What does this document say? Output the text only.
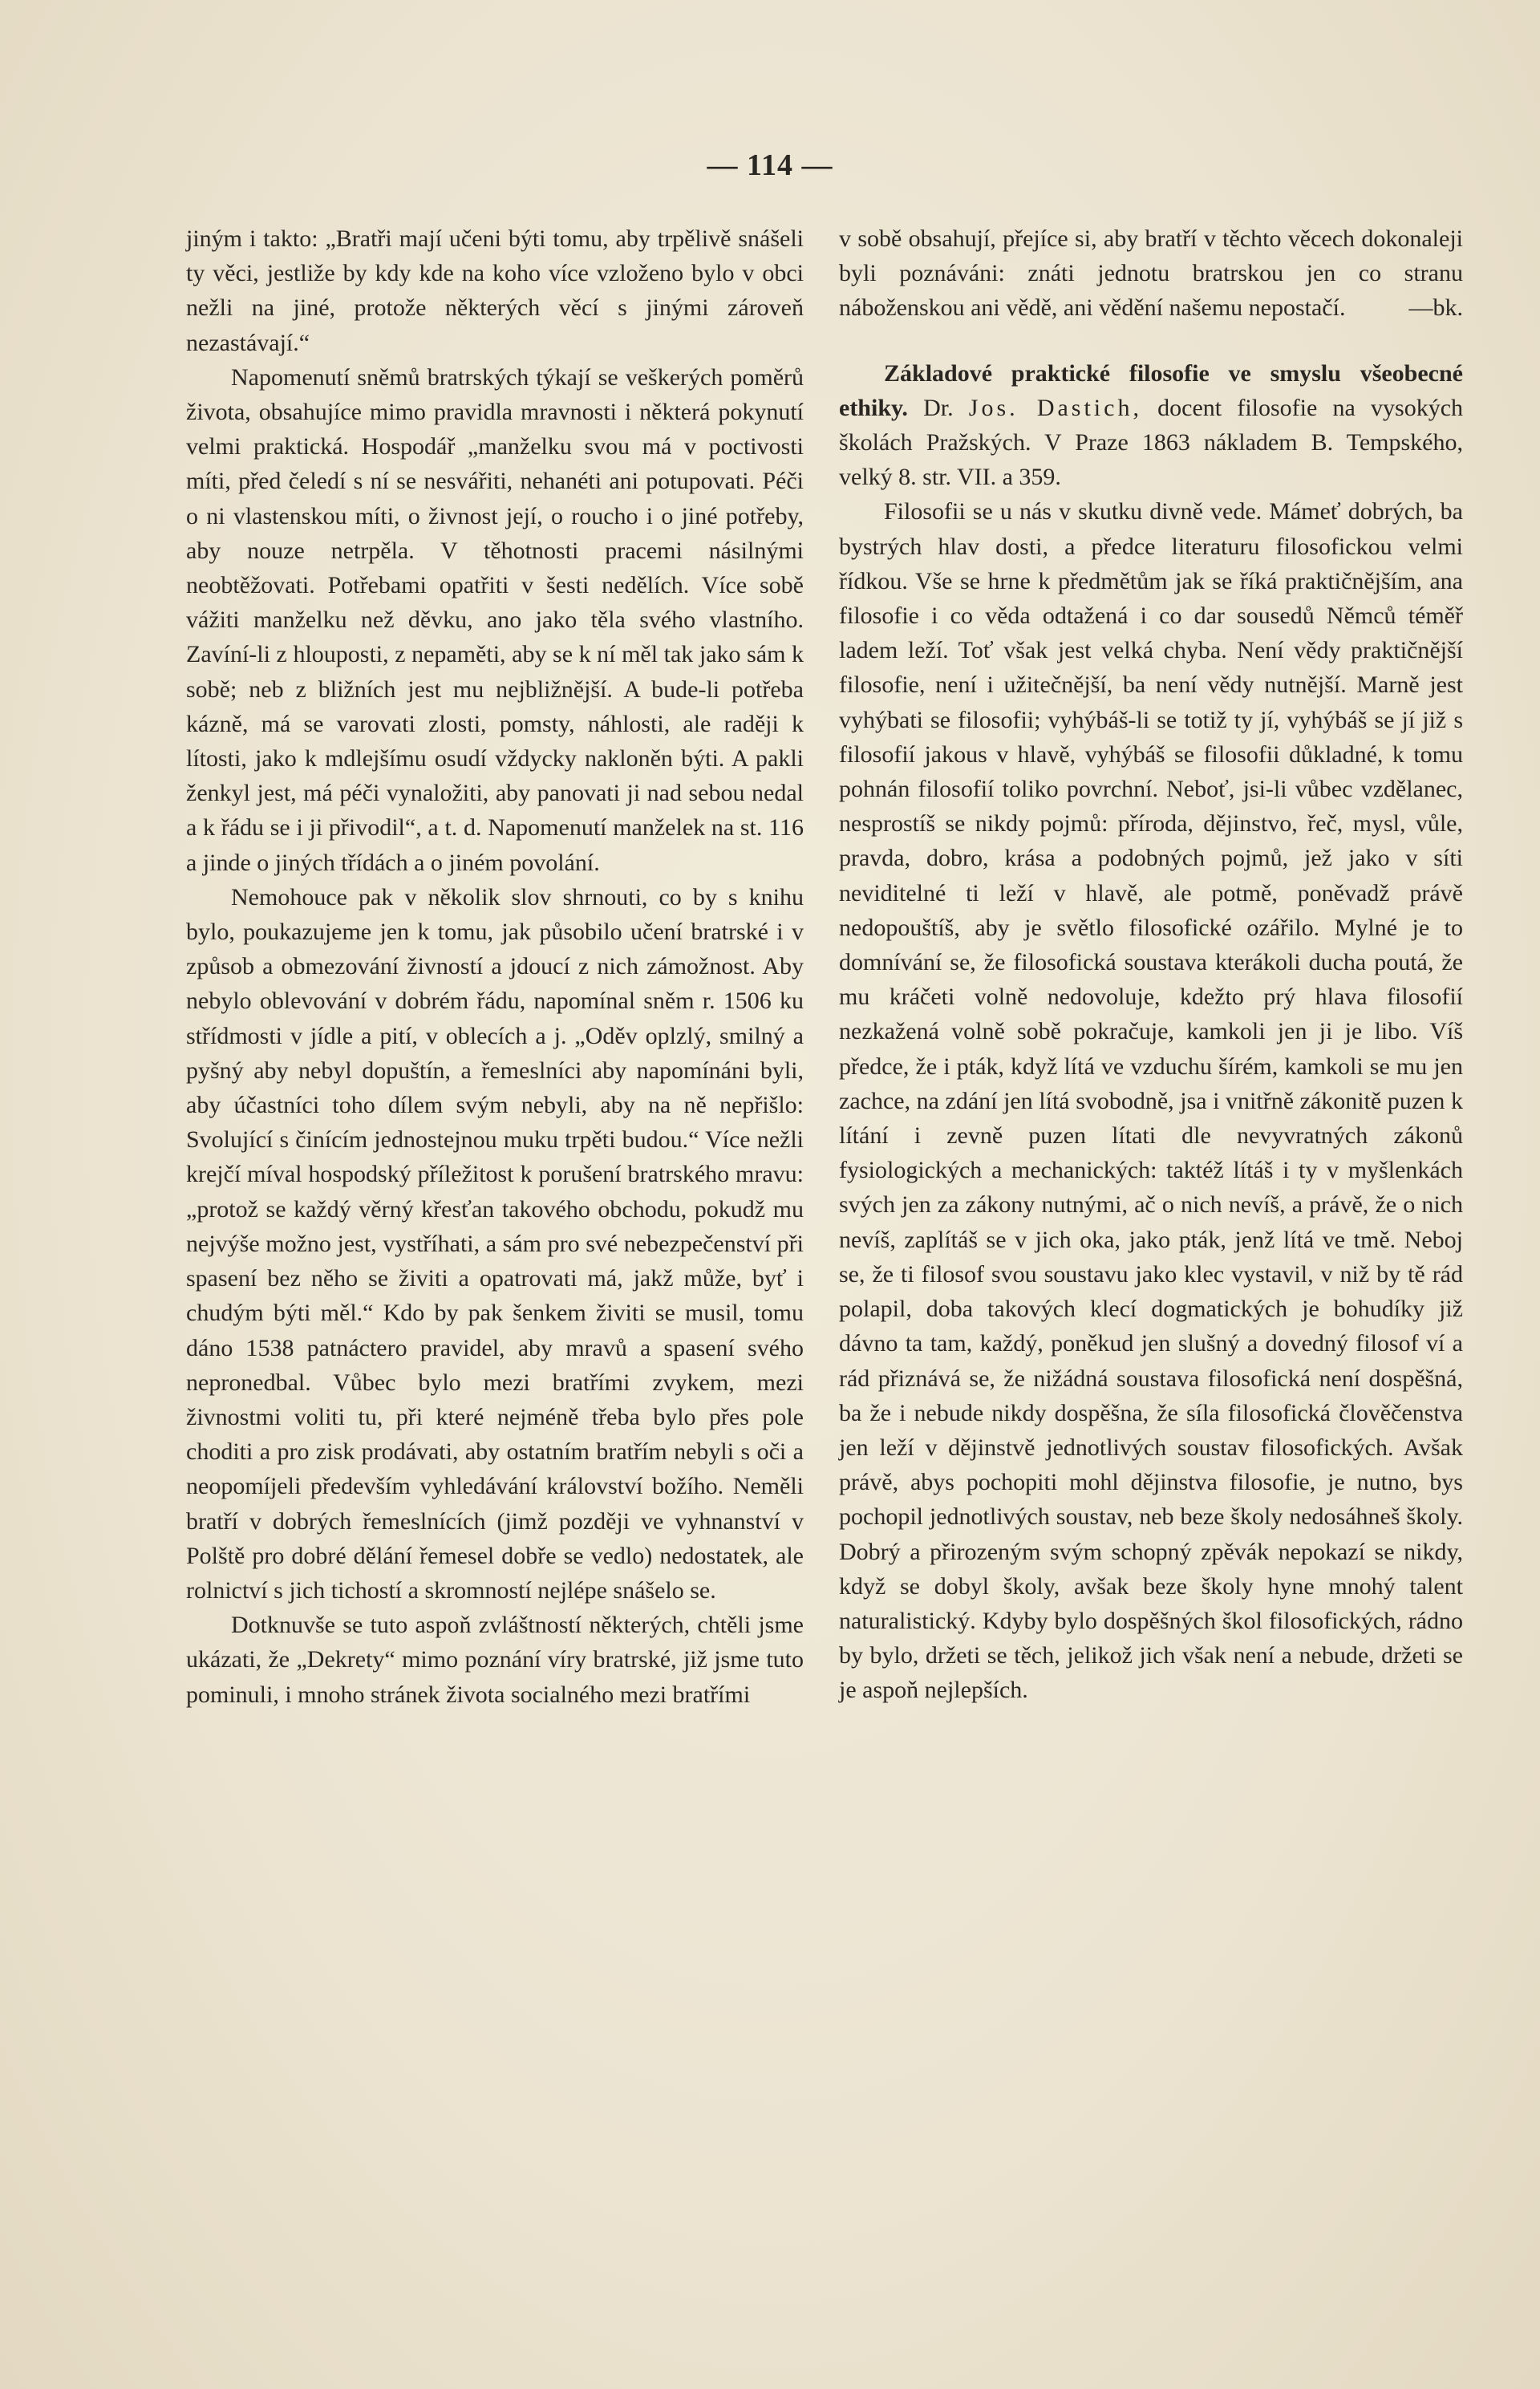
— 114 —

jiným i takto: „Bratři mají učeni býti tomu, aby trpělivě snášeli ty věci, jestliže by kdy kde na koho více vzloženo bylo v obci nežli na jiné, protože některých věcí s jinými zároveň nezastávají.“

Napomenutí sněmů bratrských týkají se veškerých poměrů života, obsahujíce mimo pravidla mravnosti i některá pokynutí velmi praktická. Hospodář „manželku svou má v poctivosti míti, před čeledí s ní se nesvářiti, nehanéti ani potupovati. Péči o ni vlastenskou míti, o živnost její, o roucho i o jiné potřeby, aby nouze netrpěla. V těhotnosti pracemi násilnými neobtěžovati. Potřebami opatřiti v šesti nedělích. Více sobě vážiti manželku než děvku, ano jako těla svého vlastního. Zavíní-li z hlouposti, z nepaměti, aby se k ní měl tak jako sám k sobě; neb z bližních jest mu nejbližnější. A bude-li potřeba kázně, má se varovati zlosti, pomsty, náhlosti, ale raději k lítosti, jako k mdlejšímu osudí vždycky nakloněn býti. A pakli ženkyl jest, má péči vynaložiti, aby panovati ji nad sebou nedal a k řádu se i ji přivodil“, a t. d. Napomenutí manželek na st. 116 a jinde o jiných třídách a o jiném povolání.

Nemohouce pak v několik slov shrnouti, co by s knihu bylo, poukazujeme jen k tomu, jak působilo učení bratrské i v způsob a obmezování živností a jdoucí z nich zámožnost. Aby nebylo oblevování v dobrém řádu, napomínal sněm r. 1506 ku střídmosti v jídle a pití, v oblecích a j. „Oděv oplzlý, smilný a pyšný aby nebyl dopuštín, a řemeslníci aby napomínáni byli, aby účastníci toho dílem svým nebyli, aby na ně nepřišlo: Svolující s činícím jednostejnou muku trpěti budou.“ Více nežli krejčí míval hospodský příležitost k porušení bratrského mravu: „protož se každý věrný křesťan takového obchodu, pokudž mu nejvýše možno jest, vystříhati, a sám pro své nebezpečenství při spasení bez něho se živiti a opatrovati má, jakž může, byť i chudým býti měl.“ Kdo by pak šenkem živiti se musil, tomu dáno 1538 patnáctero pravidel, aby mravů a spasení svého nepronedbal. Vůbec bylo mezi bratřími zvykem, mezi živnostmi voliti tu, při které nejméně třeba bylo přes pole choditi a pro zisk prodávati, aby ostatním bratřím nebyli s oči a neopomíjeli především vyhledávání království božího. Neměli bratří v dobrých řemeslnících (jimž později ve vyhnanství v Polště pro dobré dělání řemesel dobře se vedlo) nedostatek, ale rolnictví s jich tichostí a skromností nejlépe snášelo se.

Dotknuvše se tuto aspoň zvláštností některých, chtěli jsme ukázati, že „Dekrety“ mimo poznání víry bratrské, již jsme tuto pominuli, i mnoho stránek života socialného mezi bratřími

v sobě obsahují, přejíce si, aby bratří v těchto věcech dokonaleji byli poznáváni: znáti jednotu bratrskou jen co stranu náboženskou ani vědě, ani vědění našemu nepostačí.	—bk.

Základové praktické filosofie ve smyslu všeobecné ethiky. Dr. Jos. Dastich, docent filosofie na vysokých školách Pražských. V Praze 1863 nákladem B. Tempského, velký 8. str. VII. a 359.

Filosofii se u nás v skutku divně vede. Mámeť dobrých, ba bystrých hlav dosti, a předce literaturu filosofickou velmi řídkou. Vše se hrne k předmětům jak se říká praktičnějším, ana filosofie i co věda odtažená i co dar sousedů Němců téměř ladem leží. Toť však jest velká chyba. Není vědy praktičnější filosofie, není i užitečnější, ba není vědy nutnější. Marně jest vyhýbati se filosofii; vyhýbáš-li se totiž ty jí, vyhýbáš se jí již s filosofií jakous v hlavě, vyhýbáš se filosofii důkladné, k tomu pohnán filosofií toliko povrchní. Neboť, jsi-li vůbec vzdělanec, nesprostíš se nikdy pojmů: příroda, dějinstvo, řeč, mysl, vůle, pravda, dobro, krása a podobných pojmů, jež jako v síti neviditelné ti leží v hlavě, ale potmě, poněvadž právě nedopouštíš, aby je světlo filosofické ozářilo. Mylné je to domnívání se, že filosofická soustava kterákoli ducha poutá, že mu kráčeti volně nedovoluje, kdežto prý hlava filosofií nezkažená volně sobě pokračuje, kamkoli jen ji je libo. Víš předce, že i pták, když lítá ve vzduchu šírém, kamkoli se mu jen zachce, na zdání jen lítá svobodně, jsa i vnitřně zákonitě puzen k lítání i zevně puzen lítati dle nevyvratných zákonů fysiologických a mechanických: taktéž lítáš i ty v myšlenkách svých jen za zákony nutnými, ač o nich nevíš, a právě, že o nich nevíš, zaplítáš se v jich oka, jako pták, jenž lítá ve tmě. Neboj se, že ti filosof svou soustavu jako klec vystavil, v niž by tě rád polapil, doba takových klecí dogmatických je bohudíky již dávno ta tam, každý, poněkud jen slušný a dovedný filosof ví a rád přiznává se, že nižádná soustava filosofická není dospěšná, ba že i nebude nikdy dospěšna, že síla filosofická člověčenstva jen leží v dějinstvě jednotlivých soustav filosofických. Avšak právě, abys pochopiti mohl dějinstva filosofie, je nutno, bys pochopil jednotlivých soustav, neb beze školy nedosáhneš školy. Dobrý a přirozeným svým schopný zpěvák nepokazí se nikdy, když se dobyl školy, avšak beze školy hyne mnohý talent naturalistický. Kdyby bylo dospěšných škol filosofických, rádno by bylo, držeti se těch, jelikož jich však není a nebude, držeti se je aspoň nejlepších.
